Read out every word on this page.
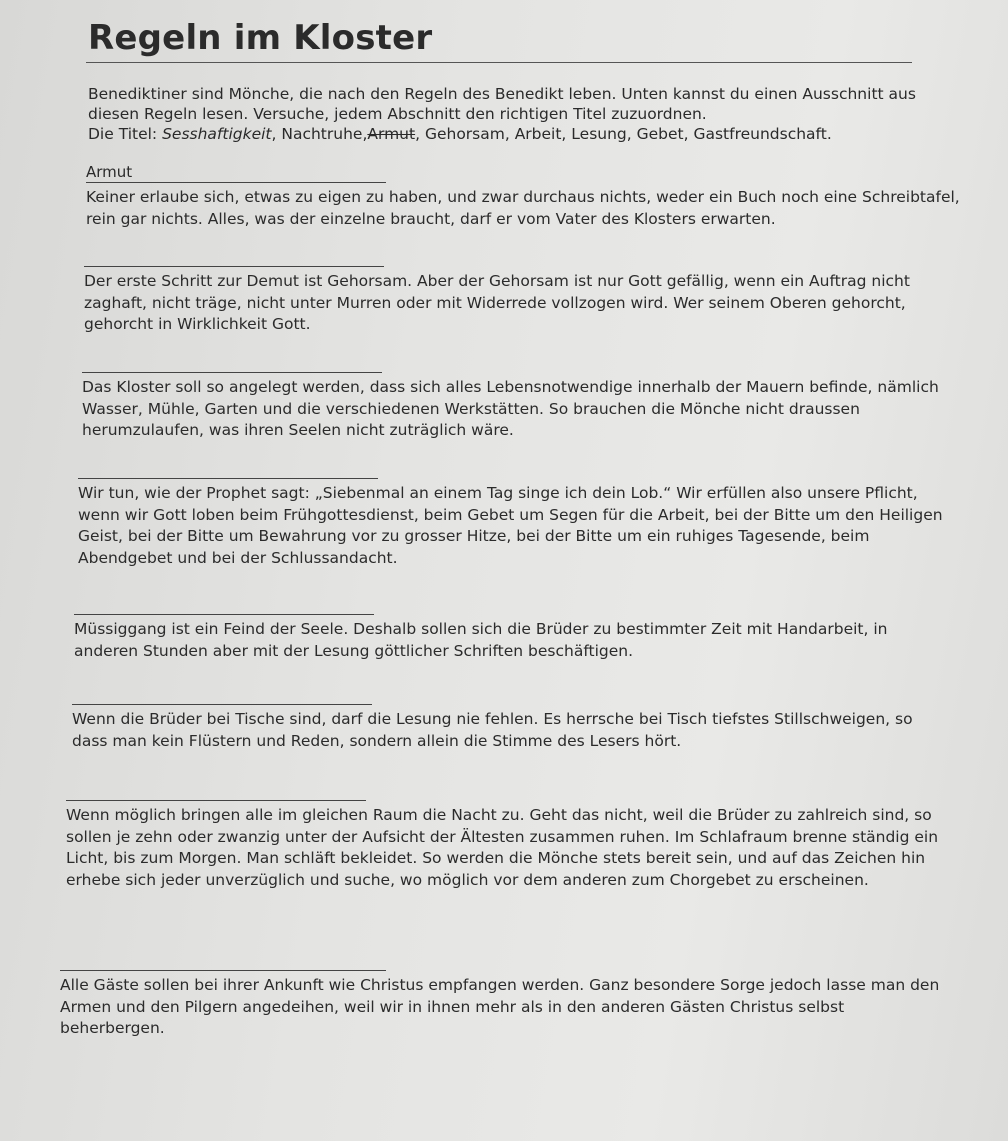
Regeln im Kloster

Benediktiner sind Mönche, die nach den Regeln des Benedikt leben. Unten kannst du einen Ausschnitt aus diesen Regeln lesen. Versuche, jedem Abschnitt den richtigen Titel zuzuordnen.

Die Titel: Sesshaftigkeit, Nachtruhe,Armut, Gehorsam, Arbeit, Lesung, Gebet, Gastfreundschaft.

Armut

Keiner erlaube sich, etwas zu eigen zu haben, und zwar durchaus nichts, weder ein Buch noch eine Schreibtafel, rein gar nichts. Alles, was der einzelne braucht, darf er vom Vater des Klosters erwarten.

Der erste Schritt zur Demut ist Gehorsam. Aber der Gehorsam ist nur Gott gefällig, wenn ein Auftrag nicht zaghaft, nicht träge, nicht unter Murren oder mit Widerrede vollzogen wird. Wer seinem Oberen gehorcht, gehorcht in Wirklichkeit Gott.

Das Kloster soll so angelegt werden, dass sich alles Lebensnotwendige innerhalb der Mauern befinde, nämlich Wasser, Mühle, Garten und die verschiedenen Werkstätten. So brauchen die Mönche nicht draussen herumzulaufen, was ihren Seelen nicht zuträglich wäre.

Wir tun, wie der Prophet sagt: „Siebenmal an einem Tag singe ich dein Lob.“ Wir erfüllen also unsere Pflicht, wenn wir Gott loben beim Frühgottesdienst, beim Gebet um Segen für die Arbeit, bei der Bitte um den Heiligen Geist, bei der Bitte um Bewahrung vor zu grosser Hitze, bei der Bitte um ein ruhiges Tagesende, beim Abendgebet und bei der Schlussandacht.

Müssiggang ist ein Feind der Seele. Deshalb sollen sich die Brüder zu bestimmter Zeit mit Handarbeit, in anderen Stunden aber mit der Lesung göttlicher Schriften beschäftigen.

Wenn die Brüder bei Tische sind, darf die Lesung nie fehlen. Es herrsche bei Tisch tiefstes Stillschweigen, so dass man kein Flüstern und Reden, sondern allein die Stimme des Lesers hört.

Wenn möglich bringen alle im gleichen Raum die Nacht zu. Geht das nicht, weil die Brüder zu zahlreich sind, so sollen je zehn oder zwanzig unter der Aufsicht der Ältesten zusammen ruhen. Im Schlafraum brenne ständig ein Licht, bis zum Morgen. Man schläft bekleidet. So werden die Mönche stets bereit sein, und auf das Zeichen hin erhebe sich jeder unverzüglich und suche, wo möglich vor dem anderen zum Chorgebet zu erscheinen.

Alle Gäste sollen bei ihrer Ankunft wie Christus empfangen werden. Ganz besondere Sorge jedoch lasse man den Armen und den Pilgern angedeihen, weil wir in ihnen mehr als in den anderen Gästen Christus selbst beherbergen.
